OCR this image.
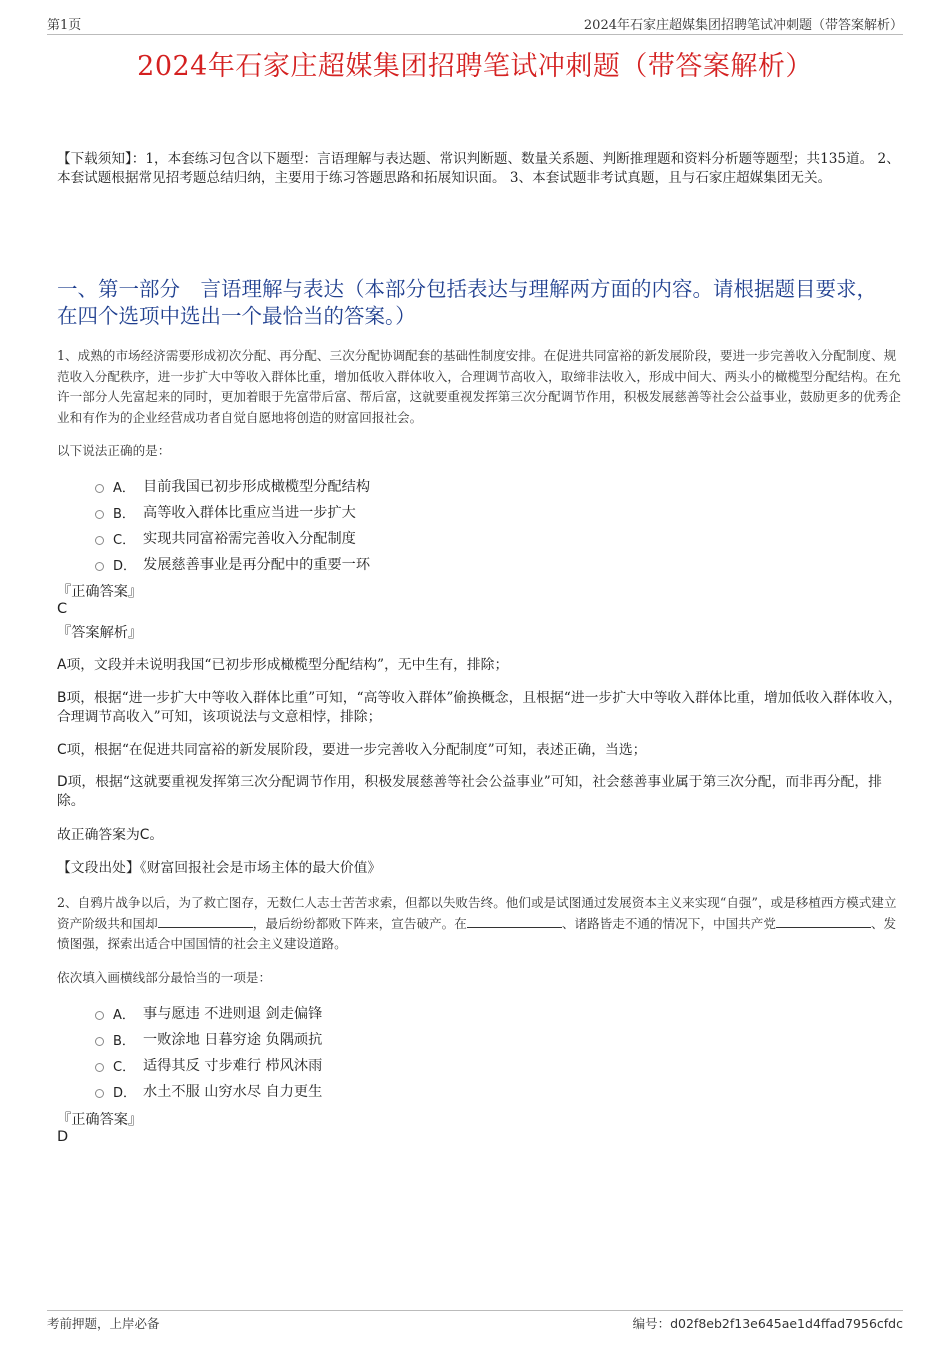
第1页	2024年石家庄超媒集团招聘笔试冲刺题（带答案解析）
2024年石家庄超媒集团招聘笔试冲刺题（带答案解析）
【下载须知】：1，本套练习包含以下题型：言语理解与表达题、常识判断题、数量关系题、判断推理题和资料分析题等题型；共135道。 2、本套试题根据常见招考题总结归纳，主要用于练习答题思路和拓展知识面。 3、本套试题非考试真题，且与石家庄超媒集团无关。
一、第一部分　言语理解与表达（本部分包括表达与理解两方面的内容。请根据题目要求，在四个选项中选出一个最恰当的答案。）
1、成熟的市场经济需要形成初次分配、再分配、三次分配协调配套的基础性制度安排。在促进共同富裕的新发展阶段，要进一步完善收入分配制度、规范收入分配秩序，进一步扩大中等收入群体比重，增加低收入群体收入，合理调节高收入，取缔非法收入，形成中间大、两头小的橄榄型分配结构。在允许一部分人先富起来的同时，更加着眼于先富带后富、帮后富，这就要重视发挥第三次分配调节作用，积极发展慈善等社会公益事业，鼓励更多的优秀企业和有作为的企业经营成功者自觉自愿地将创造的财富回报社会。
以下说法正确的是：
A． 目前我国已初步形成橄榄型分配结构
B． 高等收入群体比重应当进一步扩大
C． 实现共同富裕需完善收入分配制度
D． 发展慈善事业是再分配中的重要一环
『正确答案』
C
『答案解析』
A项，文段并未说明我国“已初步形成橄榄型分配结构”，无中生有，排除；
B项，根据“进一步扩大中等收入群体比重”可知，“高等收入群体”偷换概念，且根据“进一步扩大中等收入群体比重，增加低收入群体收入，合理调节高收入”可知，该项说法与文意相悖，排除；
C项，根据“在促进共同富裕的新发展阶段，要进一步完善收入分配制度”可知，表述正确，当选；
D项，根据“这就要重视发挥第三次分配调节作用，积极发展慈善等社会公益事业”可知，社会慈善事业属于第三次分配，而非再分配，排除。
故正确答案为C。
【文段出处】《财富回报社会是市场主体的最大价值》
2、自鸦片战争以后，为了救亡图存，无数仁人志士苦苦求索，但都以失败告终。他们或是试图通过发展资本主义来实现“自强”，或是移植西方模式建立资产阶级共和国却	，最后纷纷都败下阵来，宣告破产。在	、诸路皆走不通的情况下，中国共产党	、发愤图强，探索出适合中国国情的社会主义建设道路。
依次填入画横线部分最恰当的一项是：
A． 事与愿违 不进则退 剑走偏锋
B． 一败涂地 日暮穷途 负隅顽抗
C． 适得其反 寸步难行 栉风沐雨
D． 水土不服 山穷水尽 自力更生
『正确答案』
D
考前押题，上岸必备	编号：d02f8eb2f13e645ae1d4ffad7956cfdc
